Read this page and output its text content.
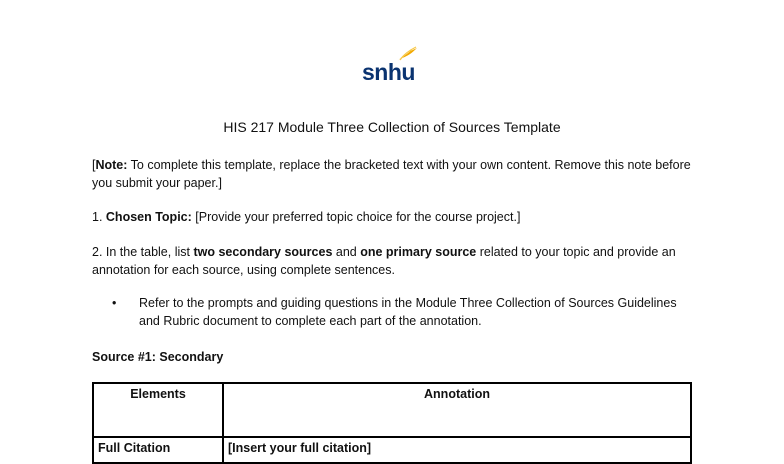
snhu
HIS 217 Module Three Collection of Sources Template
[Note: To complete this template, replace the bracketed text with your own content. Remove this note before you submit your paper.]
1. Chosen Topic: [Provide your preferred topic choice for the course project.]
2. In the table, list two secondary sources and one primary source related to your topic and provide an annotation for each source, using complete sentences.
•	Refer to the prompts and guiding questions in the Module Three Collection of Sources Guidelines and Rubric document to complete each part of the annotation.
Source #1: Secondary
Elements	Annotation
Full Citation	[Insert your full citation]
